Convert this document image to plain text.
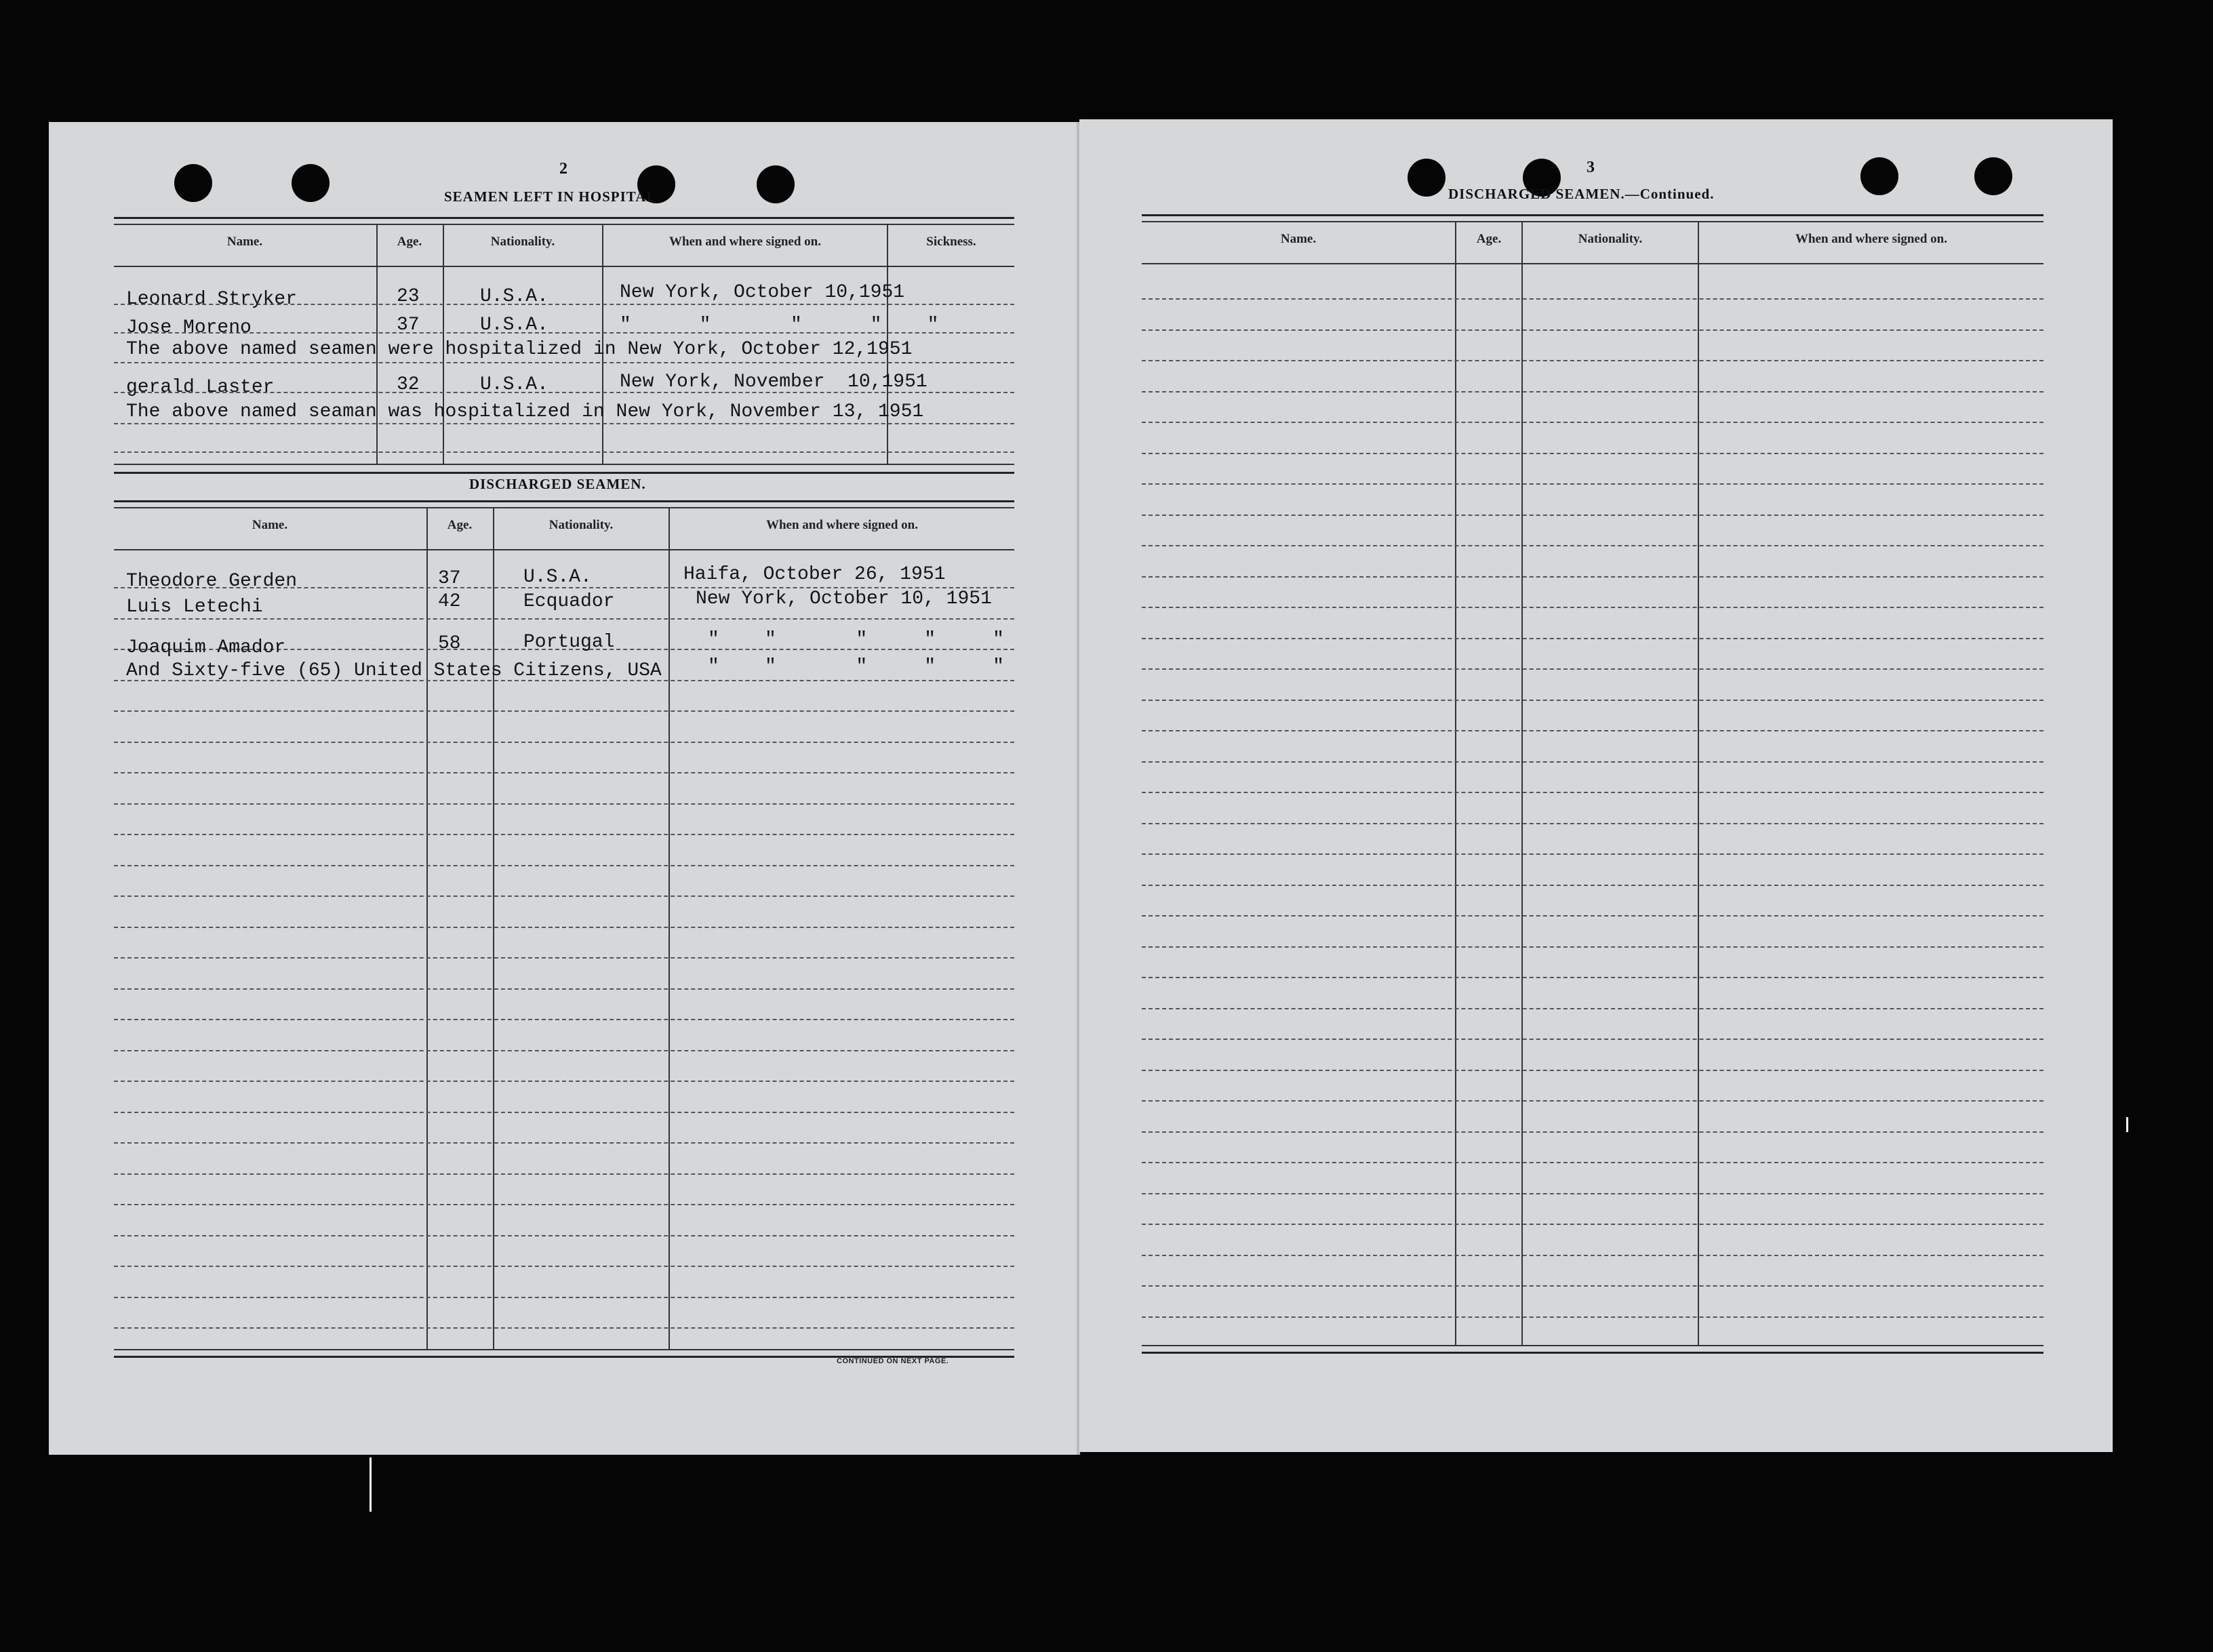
2
SEAMEN LEFT IN HOSPITAL.
Name.	Age.	Nationality.	When and where signed on.	Sickness.
Leonard Stryker	23	U.S.A.	New York, October 10,1951
Jose Moreno	37	U.S.A.	"      "       "      "    "
The above named seamen were hospitalized in New York, October 12,1951
gerald Laster	32	U.S.A.	New York, November  10,1951
The above named seaman was hospitalized in New York, November 13, 1951
DISCHARGED SEAMEN.
Name.	Age.	Nationality.	When and where signed on.
Theodore Gerden	37	U.S.A.	Haifa, October 26, 1951
Luis Letechi	42	Ecquador	New York, October 10, 1951
Joaquim Amador	58	Portugal	"    "       "     "     "
And Sixty-five (65) United States Citizens, USA "    "       "     "     "
CONTINUED ON NEXT PAGE.
3
DISCHARGED SEAMEN.—Continued.
Name.	Age.	Nationality.	When and where signed on.
